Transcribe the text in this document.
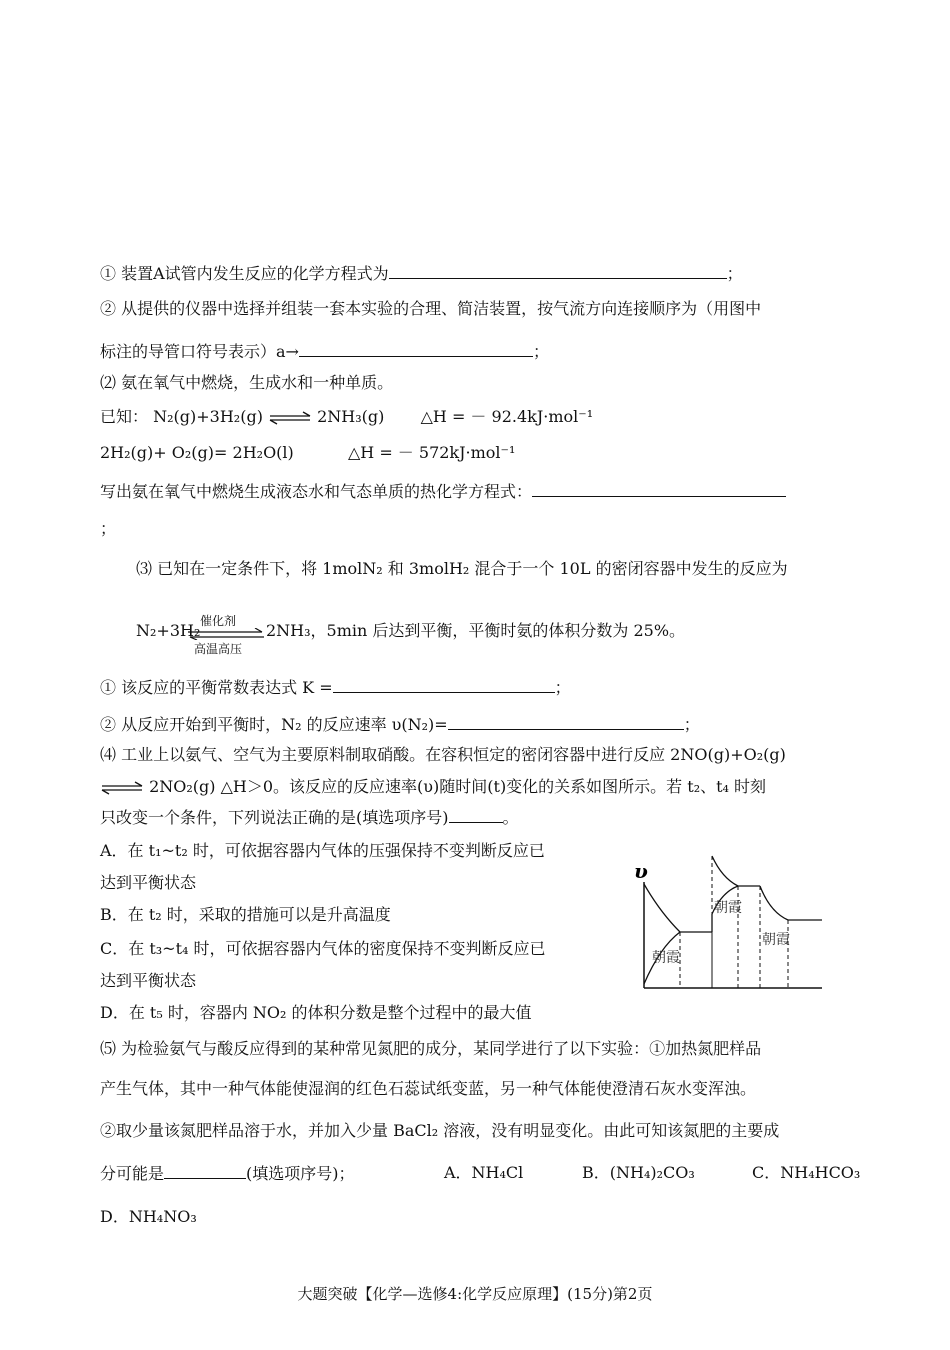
① 装置A试管内发生反应的化学方程式为	；
② 从提供的仪器中选择并组装一套本实验的合理、简洁装置，按气流方向连接顺序为（用图中
标注的导管口符号表示）a→	；
⑵ 氨在氧气中燃烧，生成水和一种单质。
已知： N₂(g)+3H₂(g) ⇌ 2NH₃(g) △H = － 92.4kJ·mol⁻¹
2H₂(g)+ O₂(g)= 2H₂O(l)	△H = － 572kJ·mol⁻¹
写出氨在氧气中燃烧生成液态水和气态单质的热化学方程式：
；
⑶ 已知在一定条件下，将 1molN₂ 和 3molH₂ 混合于一个 10L 的密闭容器中发生的反应为
N₂+3H₂ 催化剂
高温高压
2NH₃，5min 后达到平衡，平衡时氨的体积分数为 25%。
① 该反应的平衡常数表达式 K =	；
② 从反应开始到平衡时，N₂ 的反应速率 υ(N₂)=	；
⑷ 工业上以氨气、空气为主要原料制取硝酸。在容积恒定的密闭容器中进行反应 2NO(g)+O₂(g)
⇌ 2NO₂(g) △H＞0。该反应的反应速率(υ)随时间(t)变化的关系如图所示。若 t₂、t₄ 时刻
只改变一个条件，下列说法正确的是(填选项序号)	。
A．在 t₁~t₂ 时，可依据容器内气体的压强保持不变判断反应已
达到平衡状态
B．在 t₂ 时，采取的措施可以是升高温度
C．在 t₃~t₄ 时，可依据容器内气体的密度保持不变判断反应已
达到平衡状态
D．在 t₅ 时，容器内 NO₂ 的体积分数是整个过程中的最大值
υ
朝霞
朝霞
朝霞
⑸ 为检验氨气与酸反应得到的某种常见氮肥的成分，某同学进行了以下实验：①加热氮肥样品
产生气体，其中一种气体能使湿润的红色石蕊试纸变蓝，另一种气体能使澄清石灰水变浑浊。
②取少量该氮肥样品溶于水，并加入少量 BaCl₂ 溶液，没有明显变化。由此可知该氮肥的主要成
分可能是	(填选项序号)；	A．NH₄Cl	B．(NH₄)₂CO₃	C．NH₄HCO₃
D．NH₄NO₃
大题突破【化学—选修4:化学反应原理】(15分)第2页
